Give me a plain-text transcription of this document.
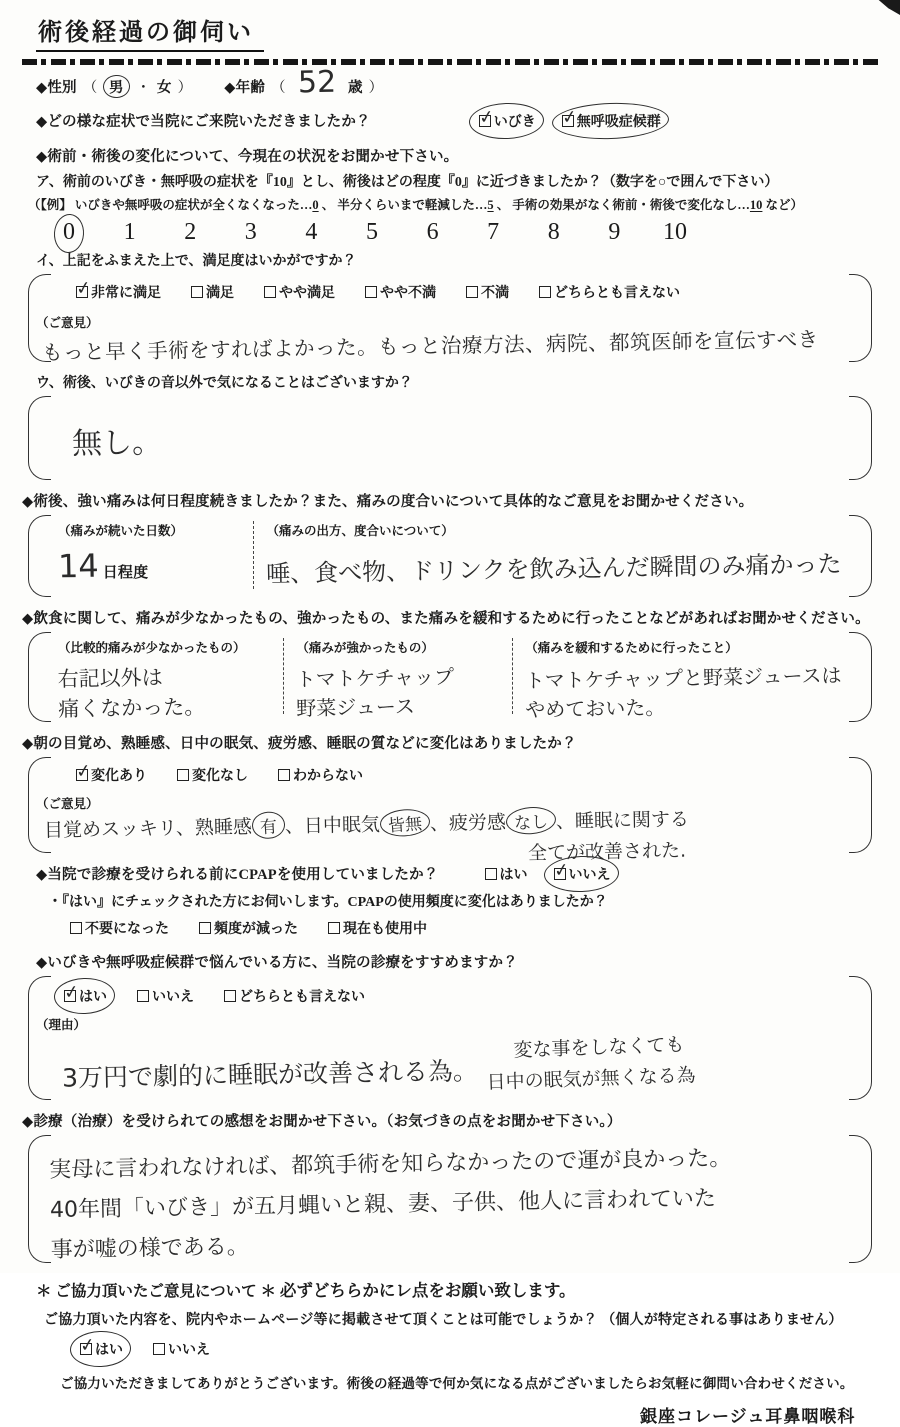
術後経過の御伺い
◆性別 （ 男 ・ 女 ） ◆年齢 （ 52 歳 ）
◆どの様な症状で当院にご来院いただきましたか？ ✓	いびき ✓	無呼吸症候群
◆術前・術後の変化について、今現在の状況をお聞かせ下さい。
ア、術前のいびき・無呼吸の症状を『10』とし、術後はどの程度『0』に近づきましたか？（数字を○で囲んで下さい）
（【例】 いびきや無呼吸の症状が全くなくなった…0 、 半分くらいまで軽減した…5 、 手術の効果がなく術前・術後で変化なし…10 など）
0	1	2	3	4	5	6	7	8	9	10
イ、上記をふまえた上で、満足度はいかがですか？
✓
非常に満足
	満足
	やや満足
	やや不満
	不満
	どちらとも言えない
（ご意見）
もっと早く手術をすればよかった。もっと治療方法、病院、都筑医師を宣伝すべき
ウ、術後、いびきの音以外で気になることはございますか？
無し。
◆術後、強い痛みは何日程度続きましたか？また、痛みの度合いについて具体的なご意見をお聞かせください。
（痛みが続いた日数）
14 日程度
（痛みの出方、度合いについて）
唾、食べ物、ドリンクを飲み込んだ瞬間のみ痛かった
◆飲食に関して、痛みが少なかったもの、強かったもの、また痛みを緩和するために行ったことなどがあればお聞かせください。
（比較的痛みが少なかったもの）
右記以外は
痛くなかった。
（痛みが強かったもの）
トマトケチャップ
野菜ジュース
（痛みを緩和するために行ったこと）
トマトケチャップと野菜ジュースは
やめておいた。
◆朝の目覚め、熟睡感、日中の眠気、疲労感、睡眠の質などに変化はありましたか？
✓
変化あり
	変化なし
	わからない
（ご意見）
目覚めスッキリ、熟睡感 有 、日中眠気 皆無 、疲労感 なし 、睡眠に関する 全てが改善された.
◆当院で診療を受けられる前にCPAPを使用していましたか？	はい ✓	いいえ
・『はい』にチェックされた方にお伺いします。CPAPの使用頻度に変化はありましたか？
不要になった
	頻度が減った
	現在も使用中
◆いびきや無呼吸症候群で悩んでいる方に、当院の診療をすすめますか？
✓
はい
	いいえ
	どちらとも言えない
（理由）
3万円で劇的に睡眠が改善される為。
変な事をしなくても
日中の眠気が無くなる為
◆診療（治療）を受けられての感想をお聞かせ下さい。（お気づきの点をお聞かせ下さい。）
実母に言われなければ、都筑手術を知らなかったので運が良かった。
40年間「いびき」が五月蝿いと親、妻、子供、他人に言われていた
事が嘘の様である。
＊ ご協力頂いたご意見について ＊ 必ずどちらかにレ点をお願い致します。
ご協力頂いた内容を、院内やホームページ等に掲載させて頂くことは可能でしょうか？ （個人が特定される事はありません）
✓
はい
	いいえ
ご協力いただきましてありがとうございます。術後の経過等で何か気になる点がございましたらお気軽に御問い合わせください。
銀座コレージュ耳鼻咽喉科
